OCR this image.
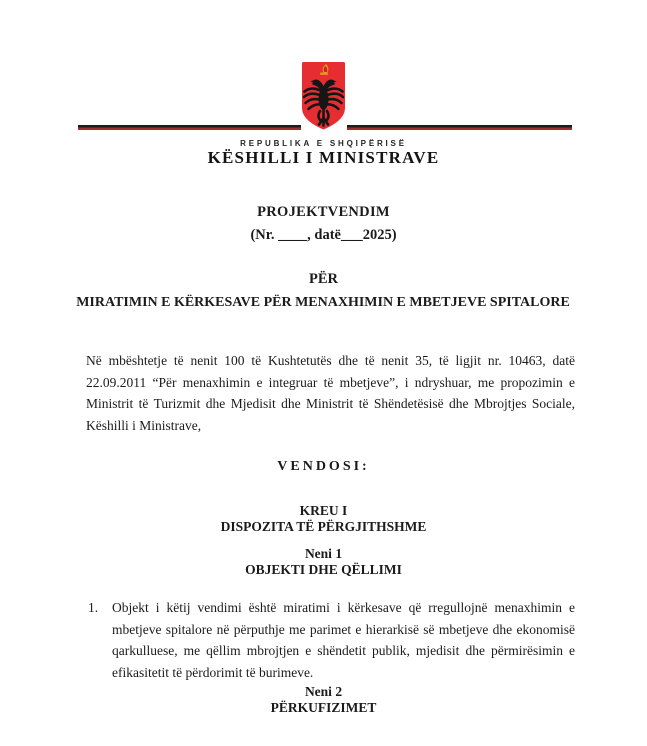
REPUBLIKA E SHQIPËRISË
KËSHILLI I MINISTRAVE
PROJEKTVENDIM
(Nr. ____, datë___2025)
PËR
MIRATIMIN E KËRKESAVE PËR MENAXHIMIN E MBETJEVE SPITALORE

Në mbështetje të nenit 100 të Kushtetutës dhe të nenit 35, të ligjit nr. 10463, datë 22.09.2011 “Për menaxhimin e integruar të mbetjeve”, i ndryshuar, me propozimin e Ministrit të Turizmit dhe Mjedisit dhe Ministrit të Shëndetësisë dhe Mbrojtjes Sociale, Këshilli i Ministrave,

VENDOSI:
KREU I
DISPOZITA TË PËRGJITHSHME
Neni 1
OBJEKTI DHE QËLLIMI
1.	Objekt i këtij vendimi është miratimi i kërkesave që rregullojnë menaxhimin e mbetjeve spitalore në përputhje me parimet e hierarkisë së mbetjeve dhe ekonomisë qarkulluese, me qëllim mbrojtjen e shëndetit publik, mjedisit dhe përmirësimin e efikasitetit të përdorimit të burimeve.
Neni 2
PËRKUFIZIMET
